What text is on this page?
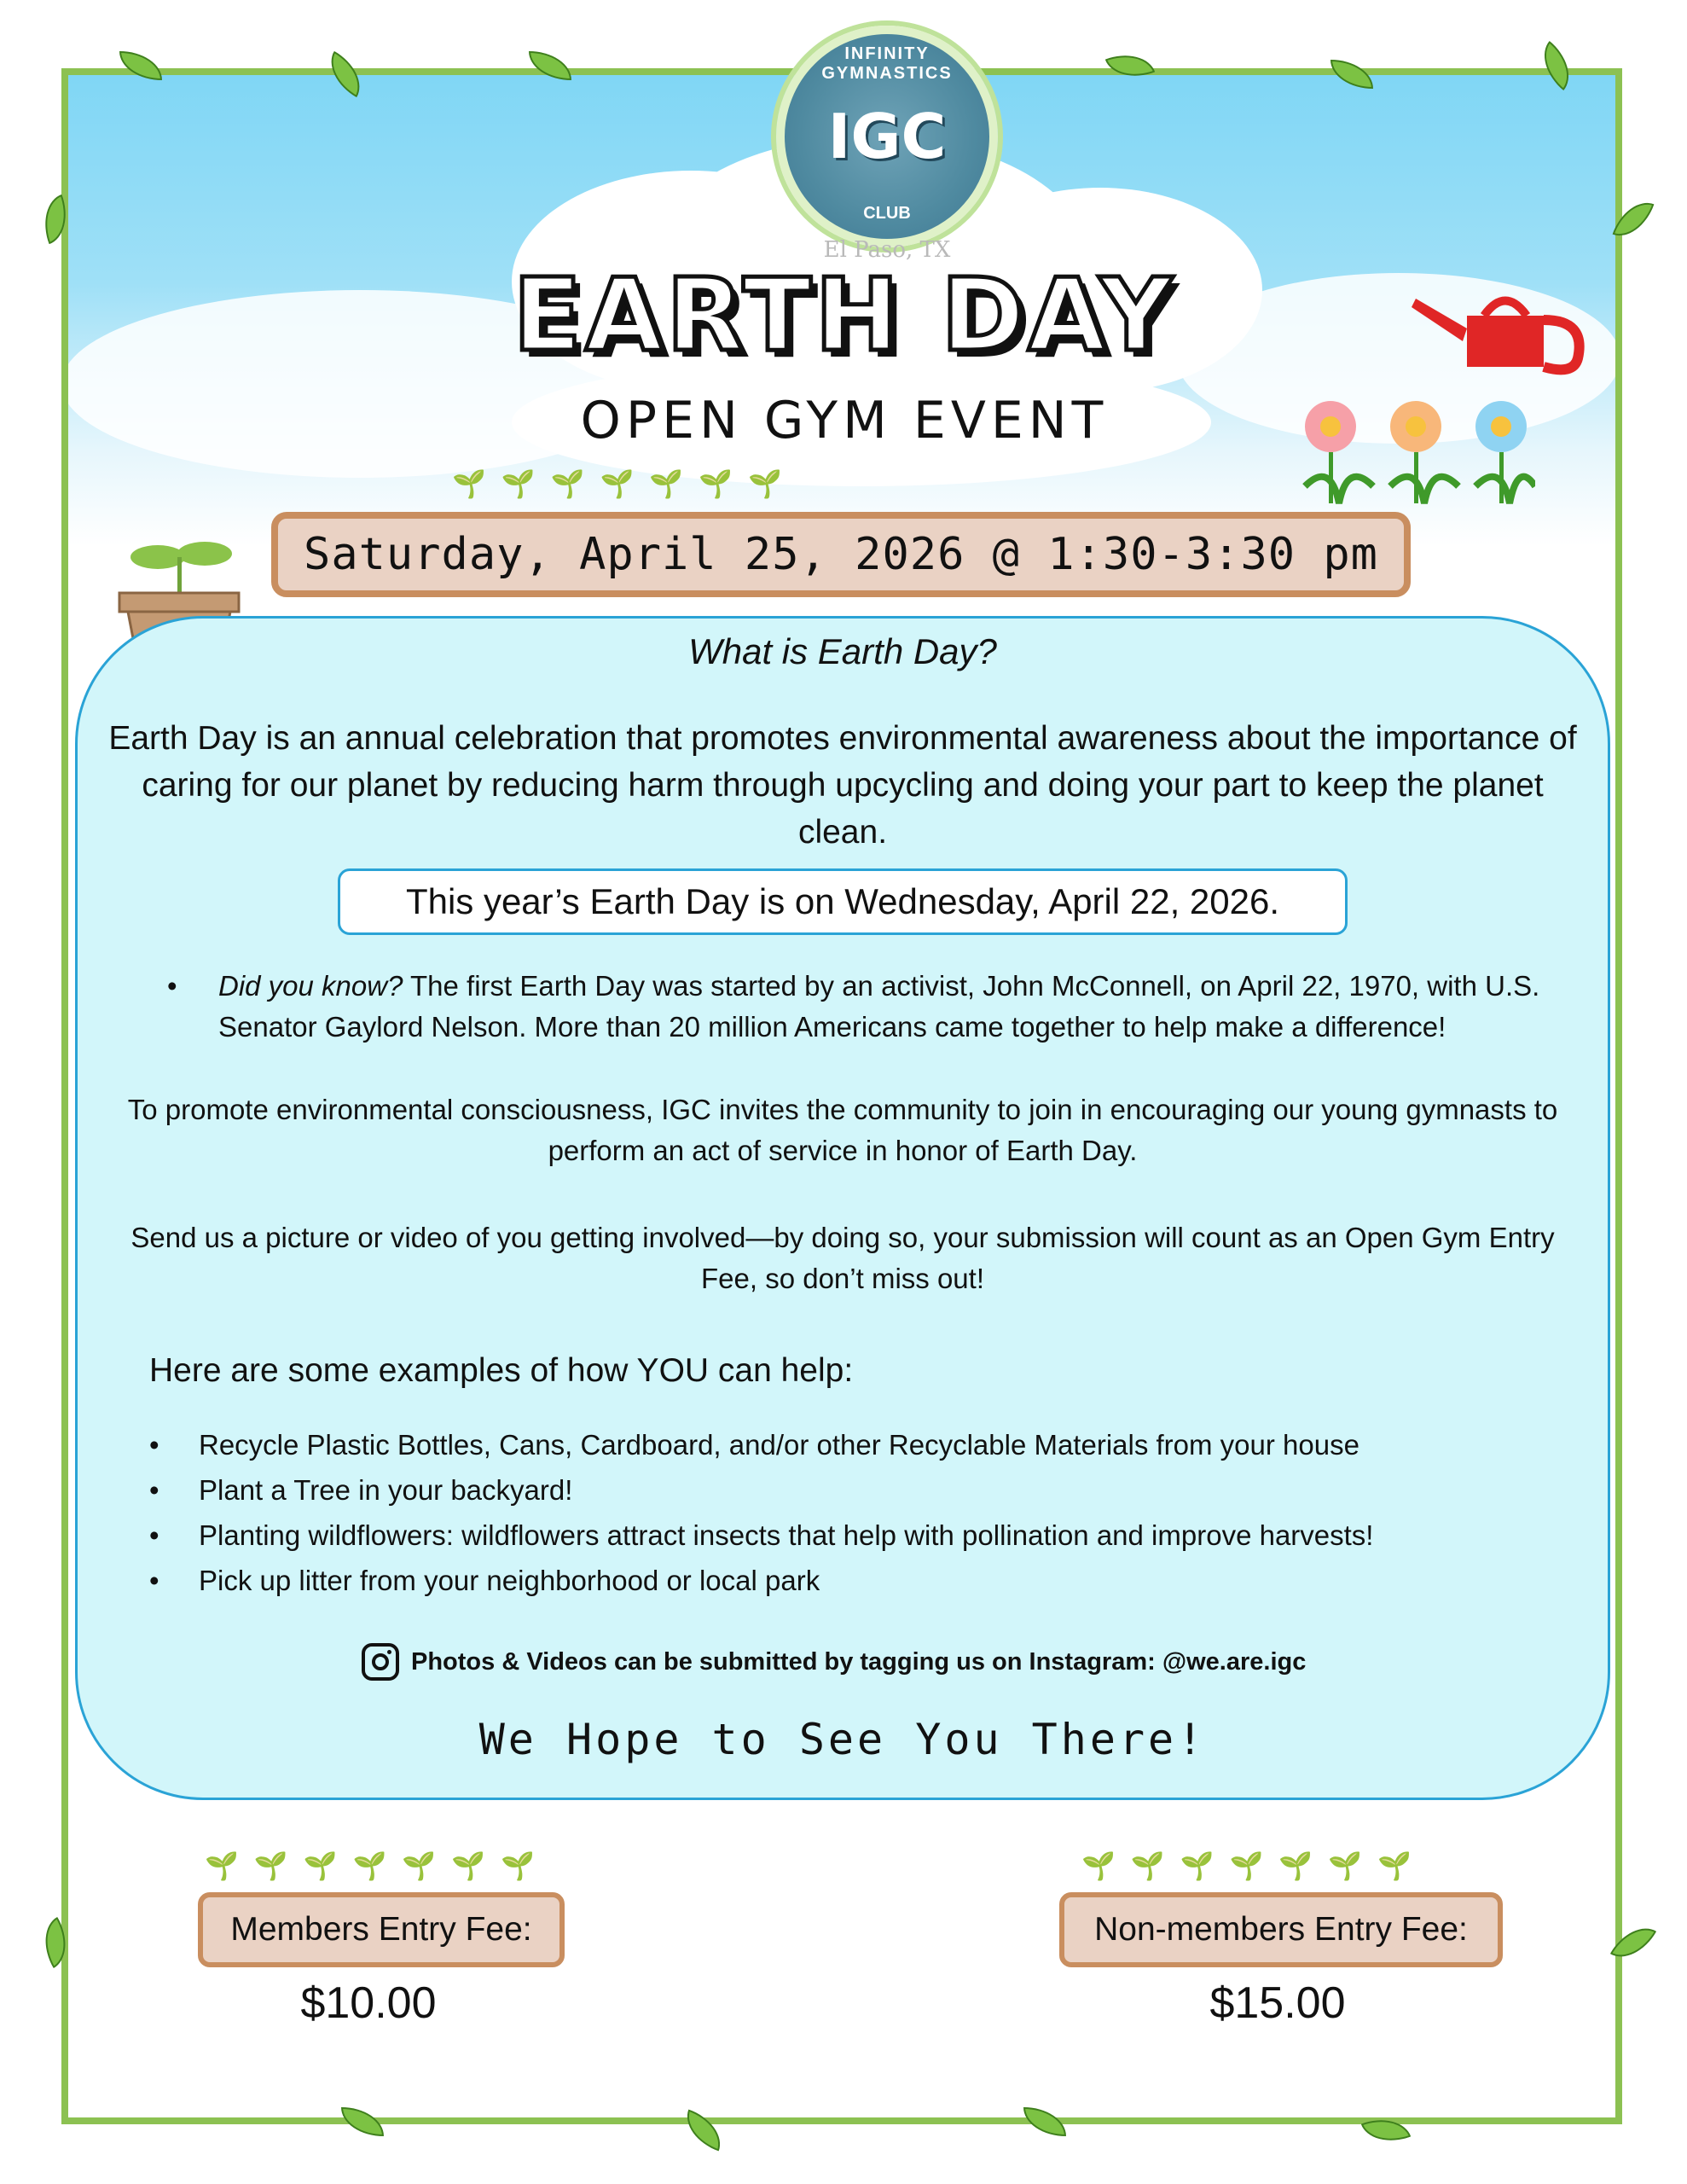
INFINITY GYMNASTICS
IGC
CLUB
El Paso, TX
EARTH DAY
OPEN GYM EVENT
🌱🌱🌱🌱🌱🌱🌱
Saturday, April 25, 2026 @ 1:30-3:30 pm
What is Earth Day?
Earth Day is an annual celebration that promotes environmental awareness about the importance of caring for our planet by reducing harm through upcycling and doing your part to keep the planet clean.
This year’s Earth Day is on Wednesday, April 22, 2026.
•	Did you know? The first Earth Day was started by an activist, John McConnell, on April 22, 1970, with U.S. Senator Gaylord Nelson. More than 20 million Americans came together to help make a difference!
To promote environmental consciousness, IGC invites the community to join in encouraging our young gymnasts to perform an act of service in honor of Earth Day.
Send us a picture or video of you getting involved—by doing so, your submission will count as an Open Gym Entry Fee, so don’t miss out!
Here are some examples of how YOU can help:
• Recycle Plastic Bottles, Cans, Cardboard, and/or other Recyclable Materials from your house
• Plant a Tree in your backyard!
• Planting wildflowers: wildflowers attract insects that help with pollination and improve harvests!
• Pick up litter from your neighborhood or local park
Photos & Videos can be submitted by tagging us on Instagram: @we.are.igc
We Hope to See You There!
🌱🌱🌱🌱🌱🌱🌱	🌱🌱🌱🌱🌱🌱🌱
Members Entry Fee:
$10.00
Non-members Entry Fee:
$15.00
